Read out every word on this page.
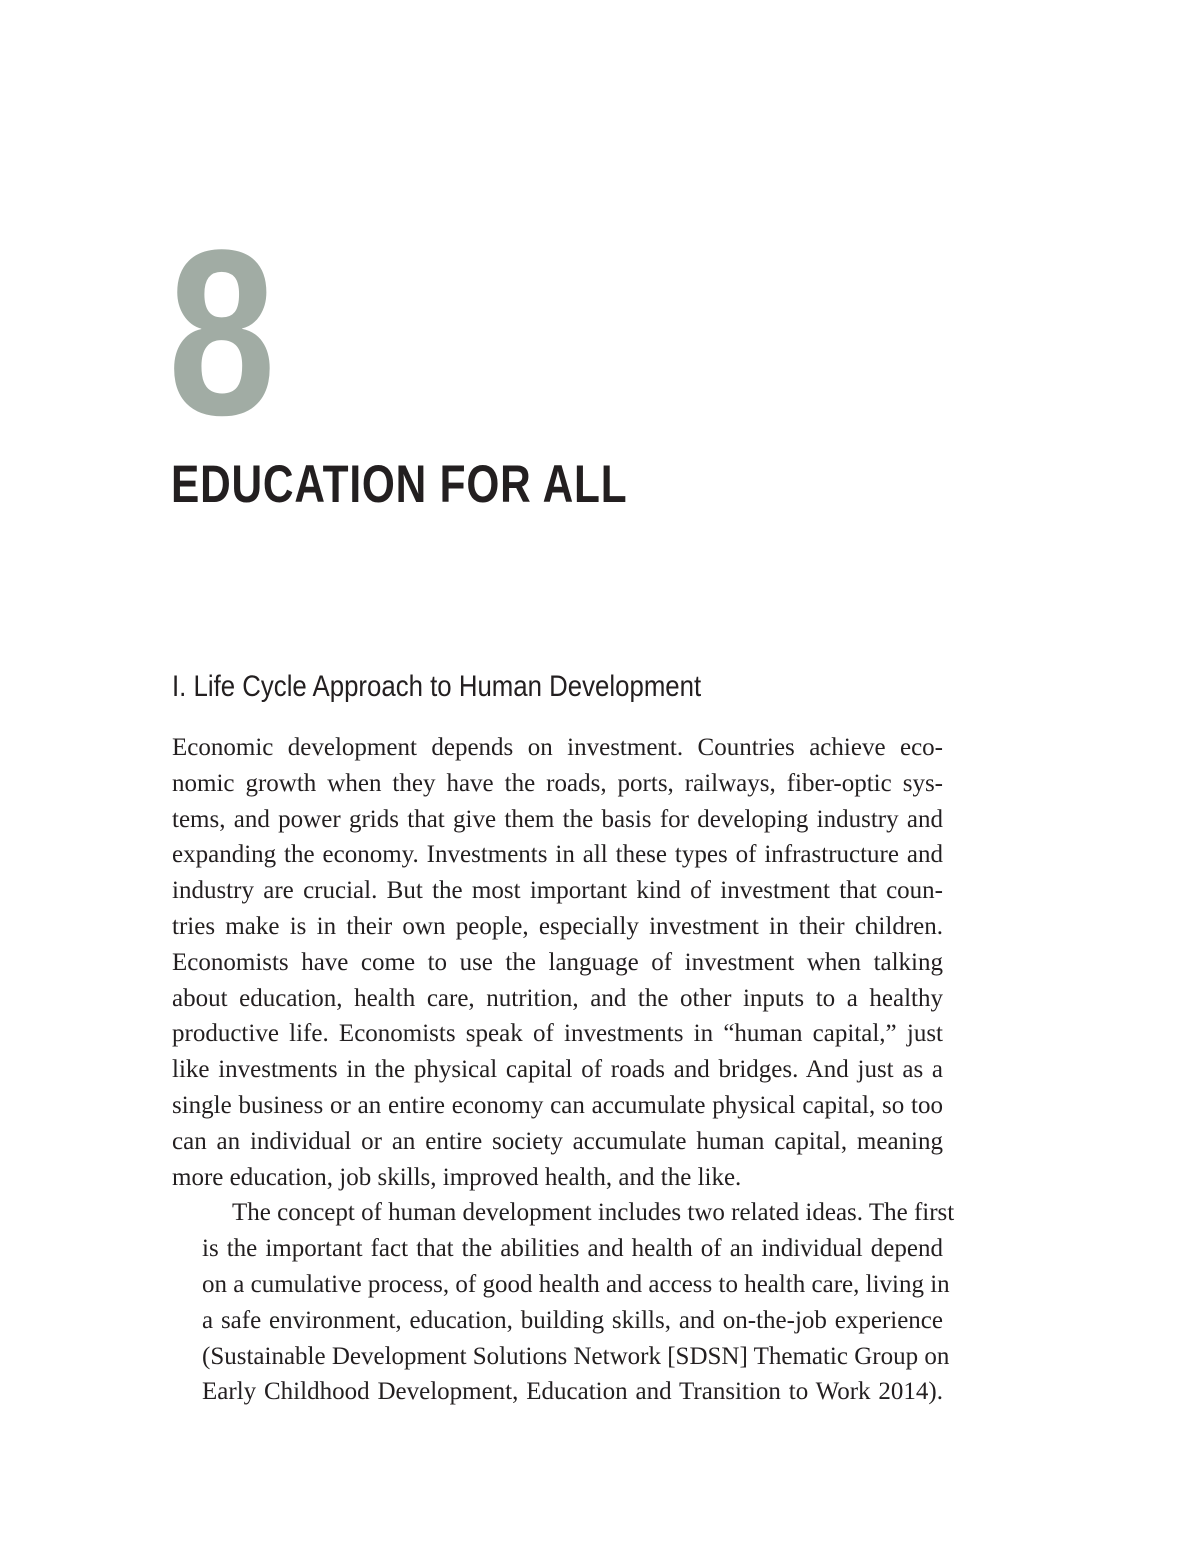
8
EDUCATION FOR ALL
I. Life Cycle Approach to Human Development

Economic development depends on investment. Countries achieve eco-
nomic growth when they have the roads, ports, railways, fiber-optic sys-
tems, and power grids that give them the basis for developing industry and
expanding the economy. Investments in all these types of infrastructure and
industry are crucial. But the most important kind of investment that coun-
tries make is in their own people, especially investment in their children.
Economists have come to use the language of investment when talking
about education, health care, nutrition, and the other inputs to a healthy
productive life. Economists speak of investments in “human capital,” just
like investments in the physical capital of roads and bridges. And just as a
single business or an entire economy can accumulate physical capital, so too
can an individual or an entire society accumulate human capital, meaning
more education, job skills, improved health, and the like.

The concept of human development includes two related ideas. The first
is the important fact that the abilities and health of an individual depend
on a cumulative process, of good health and access to health care, living in
a safe environment, education, building skills, and on-the-job experience
(Sustainable Development Solutions Network [SDSN] Thematic Group on
Early Childhood Development, Education and Transition to Work 2014).
